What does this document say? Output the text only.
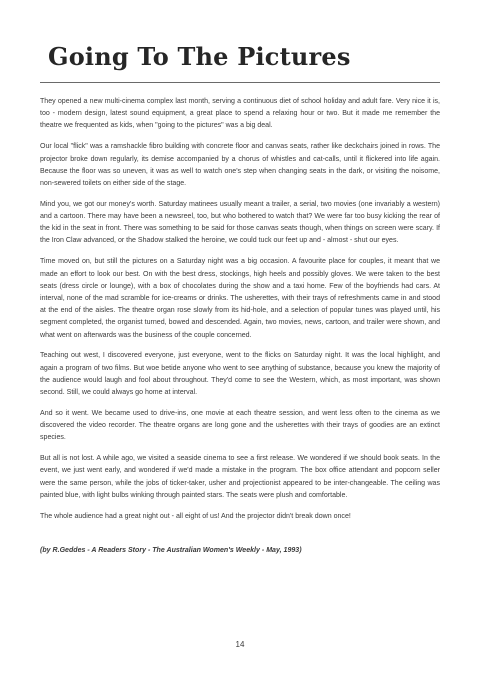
Going To The Pictures

They opened a new multi-cinema complex last month, serving a continuous diet of school holiday and adult fare. Very nice it is, too - modern design, latest sound equipment, a great place to spend a relaxing hour or two. But it made me remember the theatre we frequented as kids, when "going to the pictures" was a big deal.

Our local "flick" was a ramshackle fibro building with concrete floor and canvas seats, rather like deckchairs joined in rows. The projector broke down regularly, its demise accompanied by a chorus of whistles and cat-calls, until it flickered into life again. Because the floor was so uneven, it was as well to watch one's step when changing seats in the dark, or visiting the noisome, non-sewered toilets on either side of the stage.

Mind you, we got our money's worth. Saturday matinees usually meant a trailer, a serial, two movies (one invariably a western) and a cartoon. There may have been a newsreel, too, but who bothered to watch that? We were far too busy kicking the rear of the kid in the seat in front. There was something to be said for those canvas seats though, when things on screen were scary. If the Iron Claw advanced, or the Shadow stalked the heroine, we could tuck our feet up and - almost - shut our eyes.

Time moved on, but still the pictures on a Saturday night was a big occasion. A favourite place for couples, it meant that we made an effort to look our best. On with the best dress, stockings, high heels and possibly gloves. We were taken to the best seats (dress circle or lounge), with a box of chocolates during the show and a taxi home. Few of the boyfriends had cars. At interval, none of the mad scramble for ice-creams or drinks. The usherettes, with their trays of refreshments came in and stood at the end of the aisles. The theatre organ rose slowly from its hid-hole, and a selection of popular tunes was played until, his segment completed, the organist turned, bowed and descended. Again, two movies, news, cartoon, and trailer were shown, and what went on afterwards was the business of the couple concerned.

Teaching out west, I discovered everyone, just everyone, went to the flicks on Saturday night. It was the local highlight, and again a program of two films. But woe betide anyone who went to see anything of substance, because you knew the majority of the audience would laugh and fool about throughout. They'd come to see the Western, which, as most important, was shown second. Still, we could always go home at interval.

And so it went. We became used to drive-ins, one movie at each theatre session, and went less often to the cinema as we discovered the video recorder. The theatre organs are long gone and the usherettes with their trays of goodies are an extinct species.

But all is not lost. A while ago, we visited a seaside cinema to see a first release. We wondered if we should book seats. In the event, we just went early, and wondered if we'd made a mistake in the program. The box office attendant and popcorn seller were the same person, while the jobs of ticker-taker, usher and projectionist appeared to be inter-changeable. The ceiling was painted blue, with light bulbs winking through painted stars. The seats were plush and comfortable.

The whole audience had a great night out - all eight of us! And the projector didn't break down once!

(by R.Geddes - A Readers Story - The Australian Women's Weekly - May, 1993)
14
